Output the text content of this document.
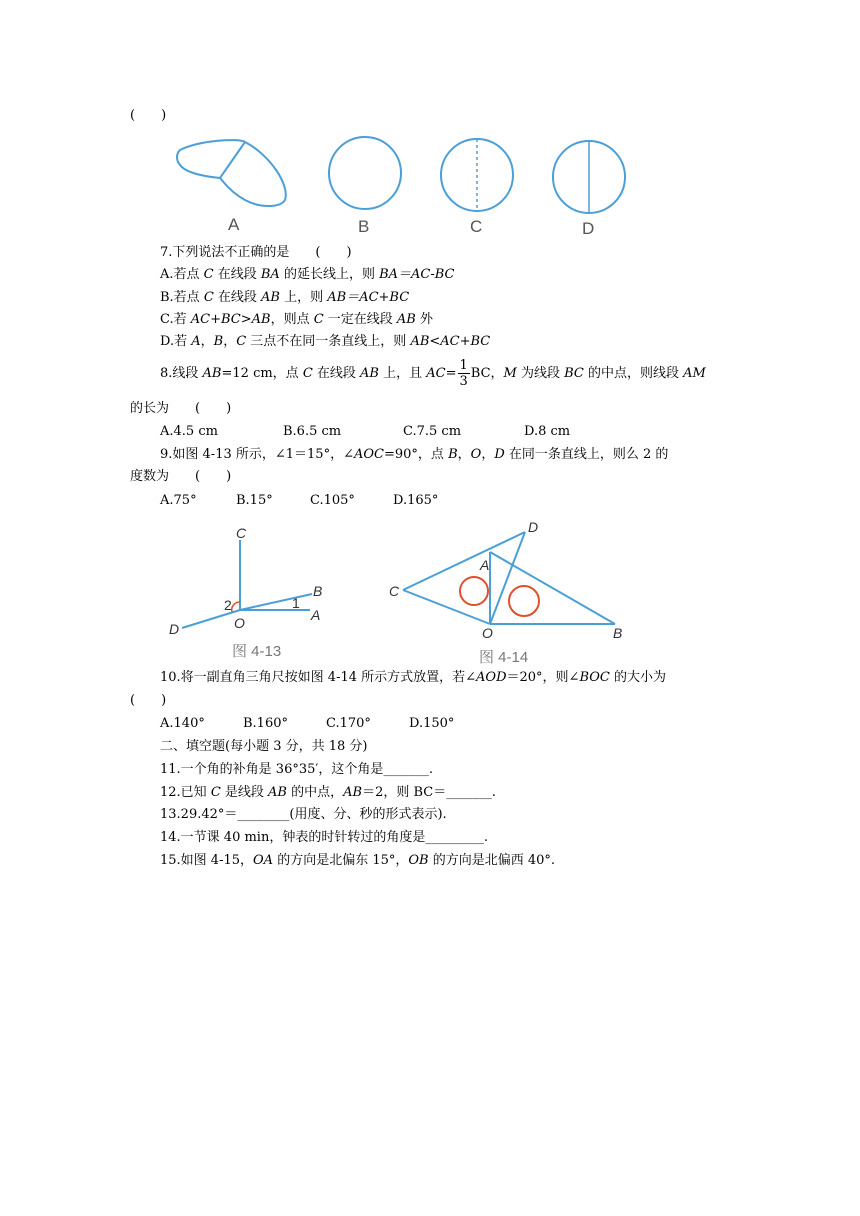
(　　)
A	B	C	D
7.下列说法不正确的是　　(　　)
A.若点 C 在线段 BA 的延长线上，则 BA＝AC-BC
B.若点 C 在线段 AB 上，则 AB＝AC+BC
C.若 AC+BC>AB，则点 C 一定在线段 AB 外
D.若 A，B，C 三点不在同一条直线上，则 AB<AC+BC
8.线段 AB=12 cm，点 C 在线段 AB 上，且 $AC= \frac{1}{3}$ BC，M 为线段 BC 的中点，则线段 AM
的长为　　(　　)
A.4.5 cm	B.6.5 cm	C.7.5 cm	D.8 cm
9.如图 4-13 所示，∠1＝15°，∠AOC=90°，点 B，O，D 在同一条直线上，则么 2 的
度数为　　(　　)
A.75°	B.15°	C.105°	D.165°
C
B
A
O
D
1
2
图 4-13
D
A
C
O	B
图 4-14
10.将一副直角三角尺按如图 4-14 所示方式放置，若∠AOD＝20°，则∠BOC 的大小为
(　　)
A.140°	B.160°	C.170°	D.150°
二、填空题(每小题 3 分，共 18 分)
11.一个角的补角是 36°35′，这个角是_______.
12.已知 C 是线段 AB 的中点，AB＝2，则 BC＝_______.
13.29.42°＝________(用度、分、秒的形式表示).
14.一节课 40 min，钟表的时针转过的角度是_________.
15.如图 4-15，OA 的方向是北偏东 15°，OB 的方向是北偏西 40°.
